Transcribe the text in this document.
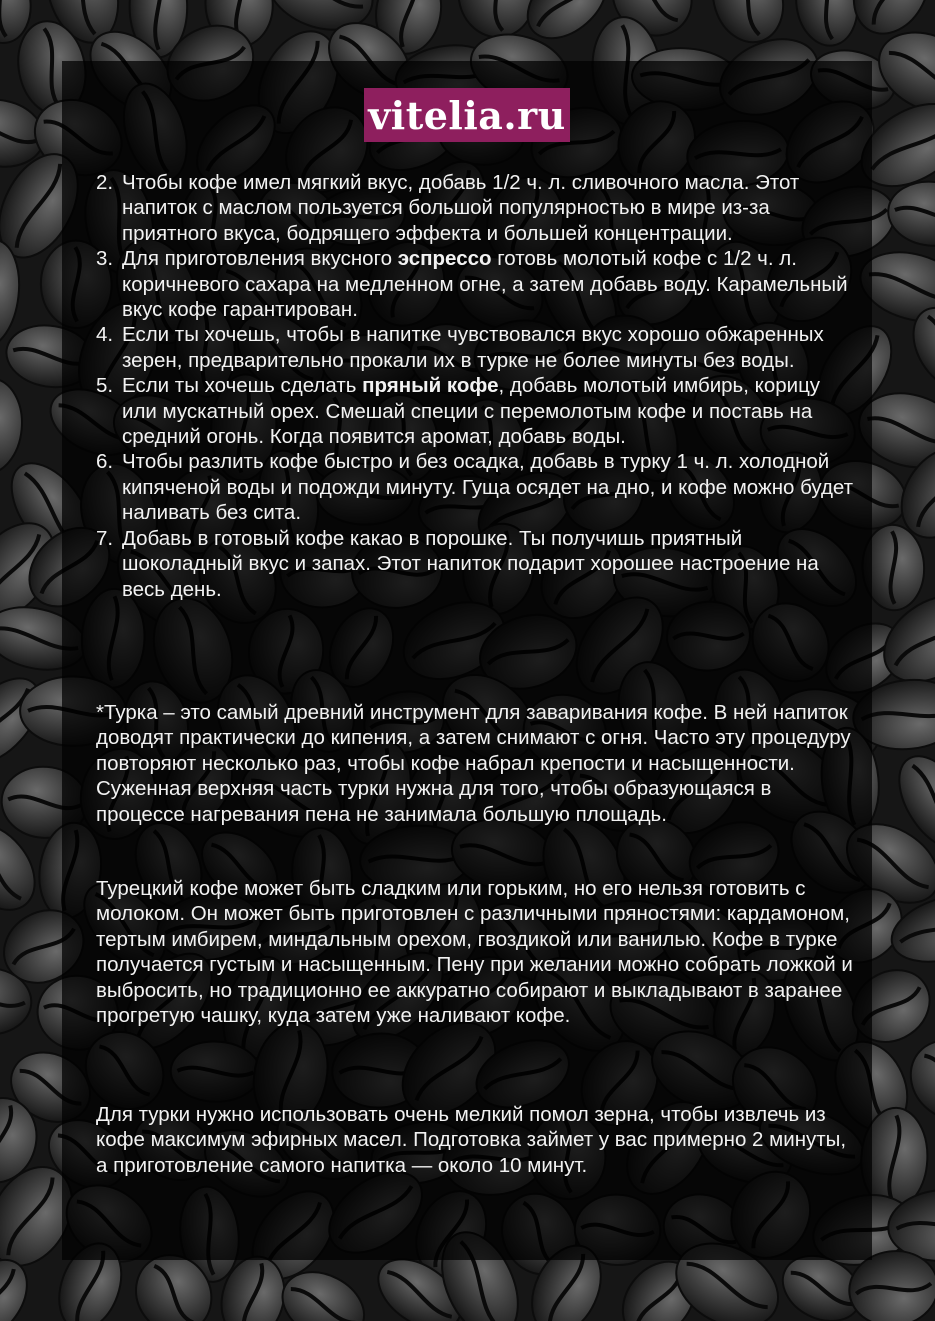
vitelia.ru
2. Чтобы кофе имел мягкий вкус, добавь 1/2 ч. л. сливочного масла. Этот напиток с маслом пользуется большой популярностью в мире из-за приятного вкуса, бодрящего эффекта и большей концентрации.
3. Для приготовления вкусного эспрессо готовь молотый кофе с 1/2 ч. л. коричневого сахара на медленном огне, а затем добавь воду. Карамельный вкус кофе гарантирован.
4. Если ты хочешь, чтобы в напитке чувствовался вкус хорошо обжаренных зерен, предварительно прокали их в турке не более минуты без воды.
5. Если ты хочешь сделать пряный кофе, добавь молотый имбирь, корицу или мускатный орех. Смешай специи с перемолотым кофе и поставь на средний огонь. Когда появится аромат, добавь воды.
6. Чтобы разлить кофе быстро и без осадка, добавь в турку 1 ч. л. холодной кипяченой воды и подожди минуту. Гуща осядет на дно, и кофе можно будет наливать без сита.
7. Добавь в готовый кофе какао в порошке. Ты получишь приятный шоколадный вкус и запах. Этот напиток подарит хорошее настроение на весь день.

*Турка – это самый древний инструмент для заваривания кофе. В ней напиток доводят практически до кипения, а затем снимают с огня. Часто эту процедуру повторяют несколько раз, чтобы кофе набрал крепости и насыщенности. Суженная верхняя часть турки нужна для того, чтобы образующаяся в процессе нагревания пена не занимала большую площадь.

Турецкий кофе может быть сладким или горьким, но его нельзя готовить с молоком. Он может быть приготовлен с различными пряностями: кардамоном, тертым имбирем, миндальным орехом, гвоздикой или ванилью. Кофе в турке получается густым и насыщенным. Пену при желании можно собрать ложкой и выбросить, но традиционно ее аккуратно собирают и выкладывают в заранее прогретую чашку, куда затем уже наливают кофе.

Для турки нужно использовать очень мелкий помол зерна, чтобы извлечь из кофе максимум эфирных масел. Подготовка займет у вас примерно 2 минуты, а приготовление самого напитка — около 10 минут.
